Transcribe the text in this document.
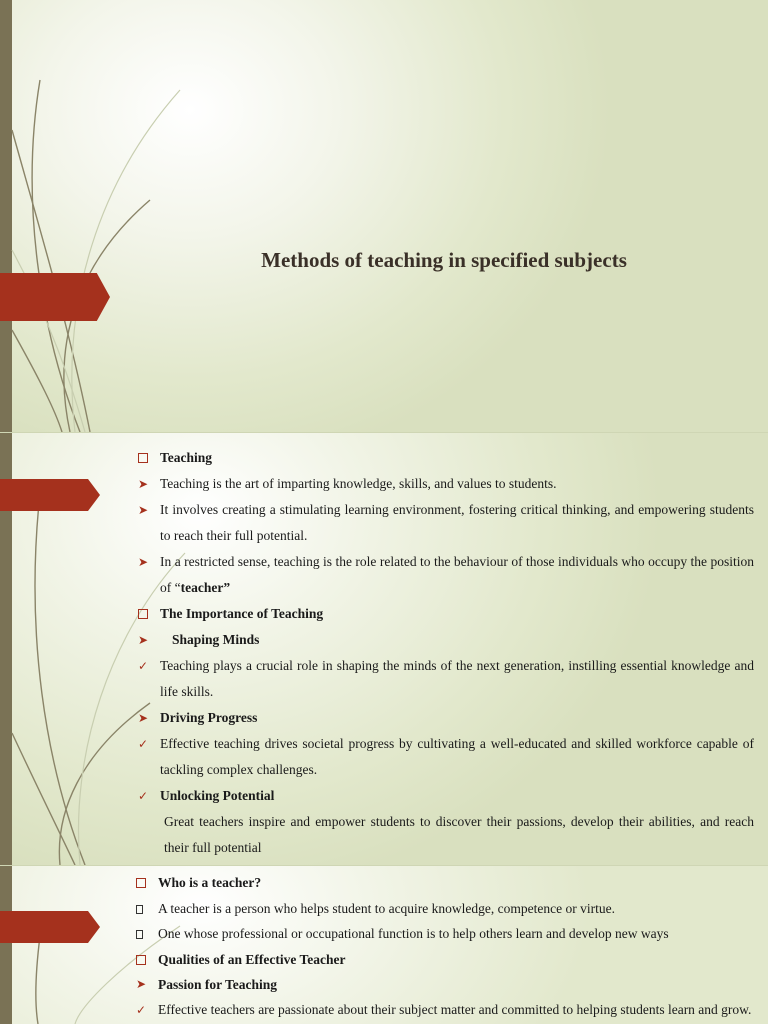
Methods of teaching in specified subjects
Teaching
➤ Teaching is the art of imparting knowledge, skills, and values to students.
➤ It involves creating a stimulating learning environment, fostering critical thinking, and empowering students to reach their full potential.
➤ In a restricted sense, teaching is the role related to the behaviour of those individuals who occupy the position of “teacher”
The Importance of Teaching
➤	Shaping Minds
✓ Teaching plays a crucial role in shaping the minds of the next generation, instilling essential knowledge and life skills.
➤ Driving Progress
✓ Effective teaching drives societal progress by cultivating a well-educated and skilled workforce capable of tackling complex challenges.
✓ Unlocking Potential
Great teachers inspire and empower students to discover their passions, develop their abilities, and reach their full potential
Who is a teacher?
A teacher is a person who helps student to acquire knowledge, competence or virtue.
One whose professional or occupational function is to help others learn and develop new ways
Qualities of an Effective Teacher
➤ Passion for Teaching
✓ Effective teachers are passionate about their subject matter and committed to helping students learn and grow.
